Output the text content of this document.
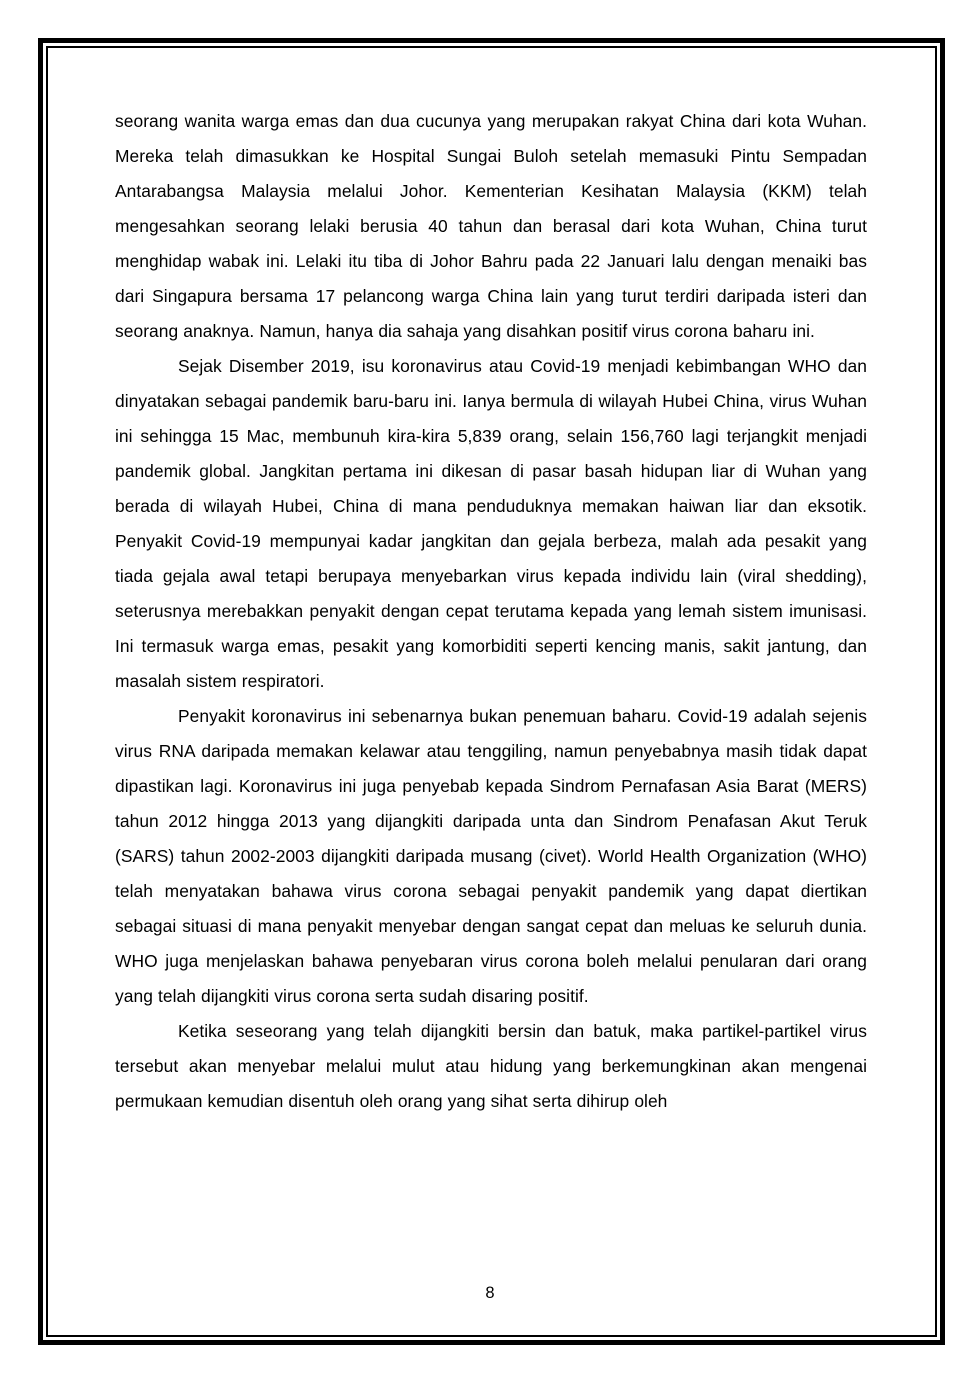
seorang wanita warga emas dan dua cucunya yang merupakan rakyat China dari kota Wuhan. Mereka telah dimasukkan ke Hospital Sungai Buloh setelah memasuki Pintu Sempadan Antarabangsa Malaysia melalui Johor. Kementerian Kesihatan Malaysia (KKM) telah mengesahkan seorang lelaki berusia 40 tahun dan berasal dari kota Wuhan, China turut menghidap wabak ini. Lelaki itu tiba di Johor Bahru pada 22 Januari lalu dengan menaiki bas dari Singapura bersama 17 pelancong warga China lain yang turut terdiri daripada isteri dan seorang anaknya. Namun, hanya dia sahaja yang disahkan positif virus corona baharu ini.

Sejak Disember 2019, isu koronavirus atau Covid-19 menjadi kebimbangan WHO dan dinyatakan sebagai pandemik baru-baru ini. Ianya bermula di wilayah Hubei China, virus Wuhan ini sehingga 15 Mac, membunuh kira-kira 5,839 orang, selain 156,760 lagi terjangkit menjadi pandemik global. Jangkitan pertama ini dikesan di pasar basah hidupan liar di Wuhan yang berada di wilayah Hubei, China di mana penduduknya memakan haiwan liar dan eksotik. Penyakit Covid-19 mempunyai kadar jangkitan dan gejala berbeza, malah ada pesakit yang tiada gejala awal tetapi berupaya menyebarkan virus kepada individu lain (viral shedding), seterusnya merebakkan penyakit dengan cepat terutama kepada yang lemah sistem imunisasi. Ini termasuk warga emas, pesakit yang komorbiditi seperti kencing manis, sakit jantung, dan masalah sistem respiratori.

Penyakit koronavirus ini sebenarnya bukan penemuan baharu. Covid-19 adalah sejenis virus RNA daripada memakan kelawar atau tenggiling, namun penyebabnya masih tidak dapat dipastikan lagi. Koronavirus ini juga penyebab kepada Sindrom Pernafasan Asia Barat (MERS) tahun 2012 hingga 2013 yang dijangkiti daripada unta dan Sindrom Penafasan Akut Teruk (SARS) tahun 2002-2003 dijangkiti daripada musang (civet). World Health Organization (WHO) telah menyatakan bahawa virus corona sebagai penyakit pandemik yang dapat diertikan sebagai situasi di mana penyakit menyebar dengan sangat cepat dan meluas ke seluruh dunia. WHO juga menjelaskan bahawa penyebaran virus corona boleh melalui penularan dari orang yang telah dijangkiti virus corona serta sudah disaring positif.

Ketika seseorang yang telah dijangkiti bersin dan batuk, maka partikel-partikel virus tersebut akan menyebar melalui mulut atau hidung yang berkemungkinan akan mengenai permukaan kemudian disentuh oleh orang yang sihat serta dihirup oleh

8
